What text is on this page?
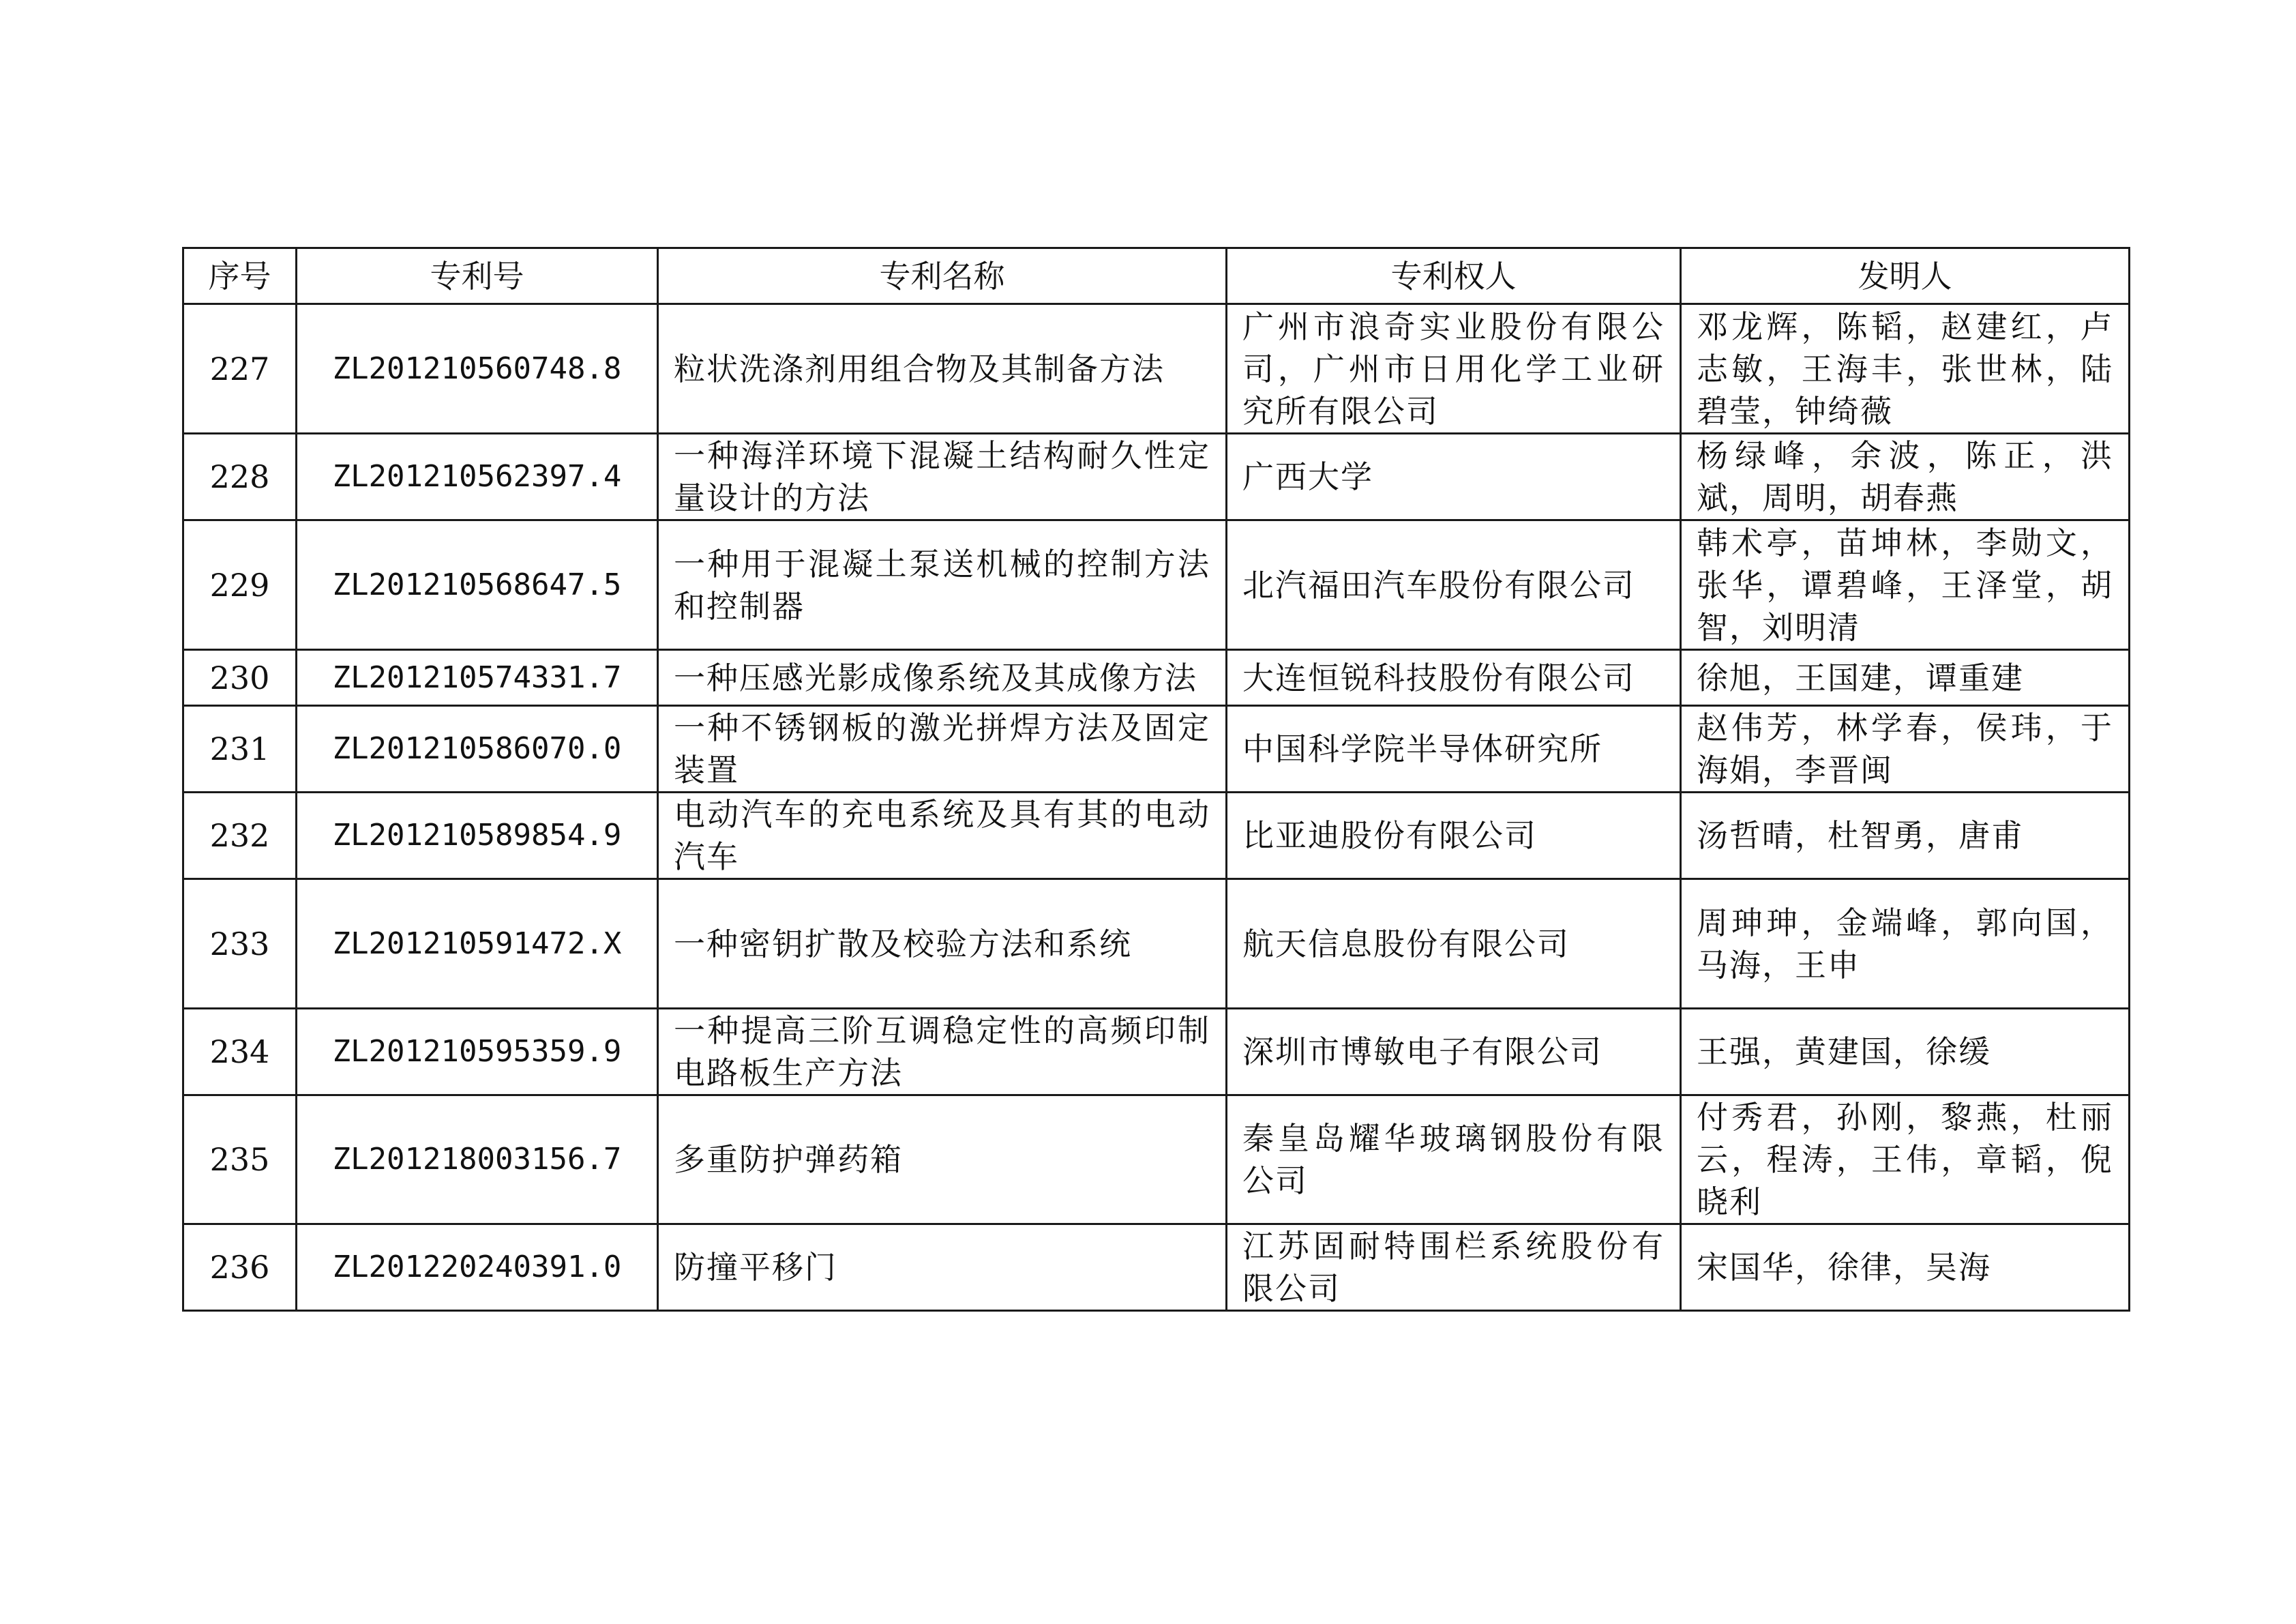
序号	专利号	专利名称	专利权人	发明人
227	ZL201210560748.8	粒状洗涤剂用组合物及其制备方法	广州市浪奇实业股份有限公司，广州市日用化学工业研究所有限公司	邓龙辉，陈韬，赵建红，卢志敏，王海丰，张世林，陆碧莹，钟绮薇
228	ZL201210562397.4	一种海洋环境下混凝土结构耐久性定量设计的方法	广西大学	杨绿峰，余波，陈正，洪斌，周明，胡春燕
229	ZL201210568647.5	一种用于混凝土泵送机械的控制方法和控制器	北汽福田汽车股份有限公司	韩术亭，苗坤林，李勋文，张华，谭碧峰，王泽堂，胡智，刘明清
230	ZL201210574331.7	一种压感光影成像系统及其成像方法	大连恒锐科技股份有限公司	徐旭，王国建，谭重建
231	ZL201210586070.0	一种不锈钢板的激光拼焊方法及固定装置	中国科学院半导体研究所	赵伟芳，林学春，侯玮，于海娟，李晋闽
232	ZL201210589854.9	电动汽车的充电系统及具有其的电动汽车	比亚迪股份有限公司	汤哲晴，杜智勇，唐甫
233	ZL201210591472.X	一种密钥扩散及校验方法和系统	航天信息股份有限公司	周珅珅，金端峰，郭向国，马海，王申
234	ZL201210595359.9	一种提高三阶互调稳定性的高频印制电路板生产方法	深圳市博敏电子有限公司	王强，黄建国，徐缓
235	ZL201218003156.7	多重防护弹药箱	秦皇岛耀华玻璃钢股份有限公司	付秀君，孙刚，黎燕，杜丽云，程涛，王伟，章韬，倪晓利
236	ZL201220240391.0	防撞平移门	江苏固耐特围栏系统股份有限公司	宋国华，徐律，吴海
